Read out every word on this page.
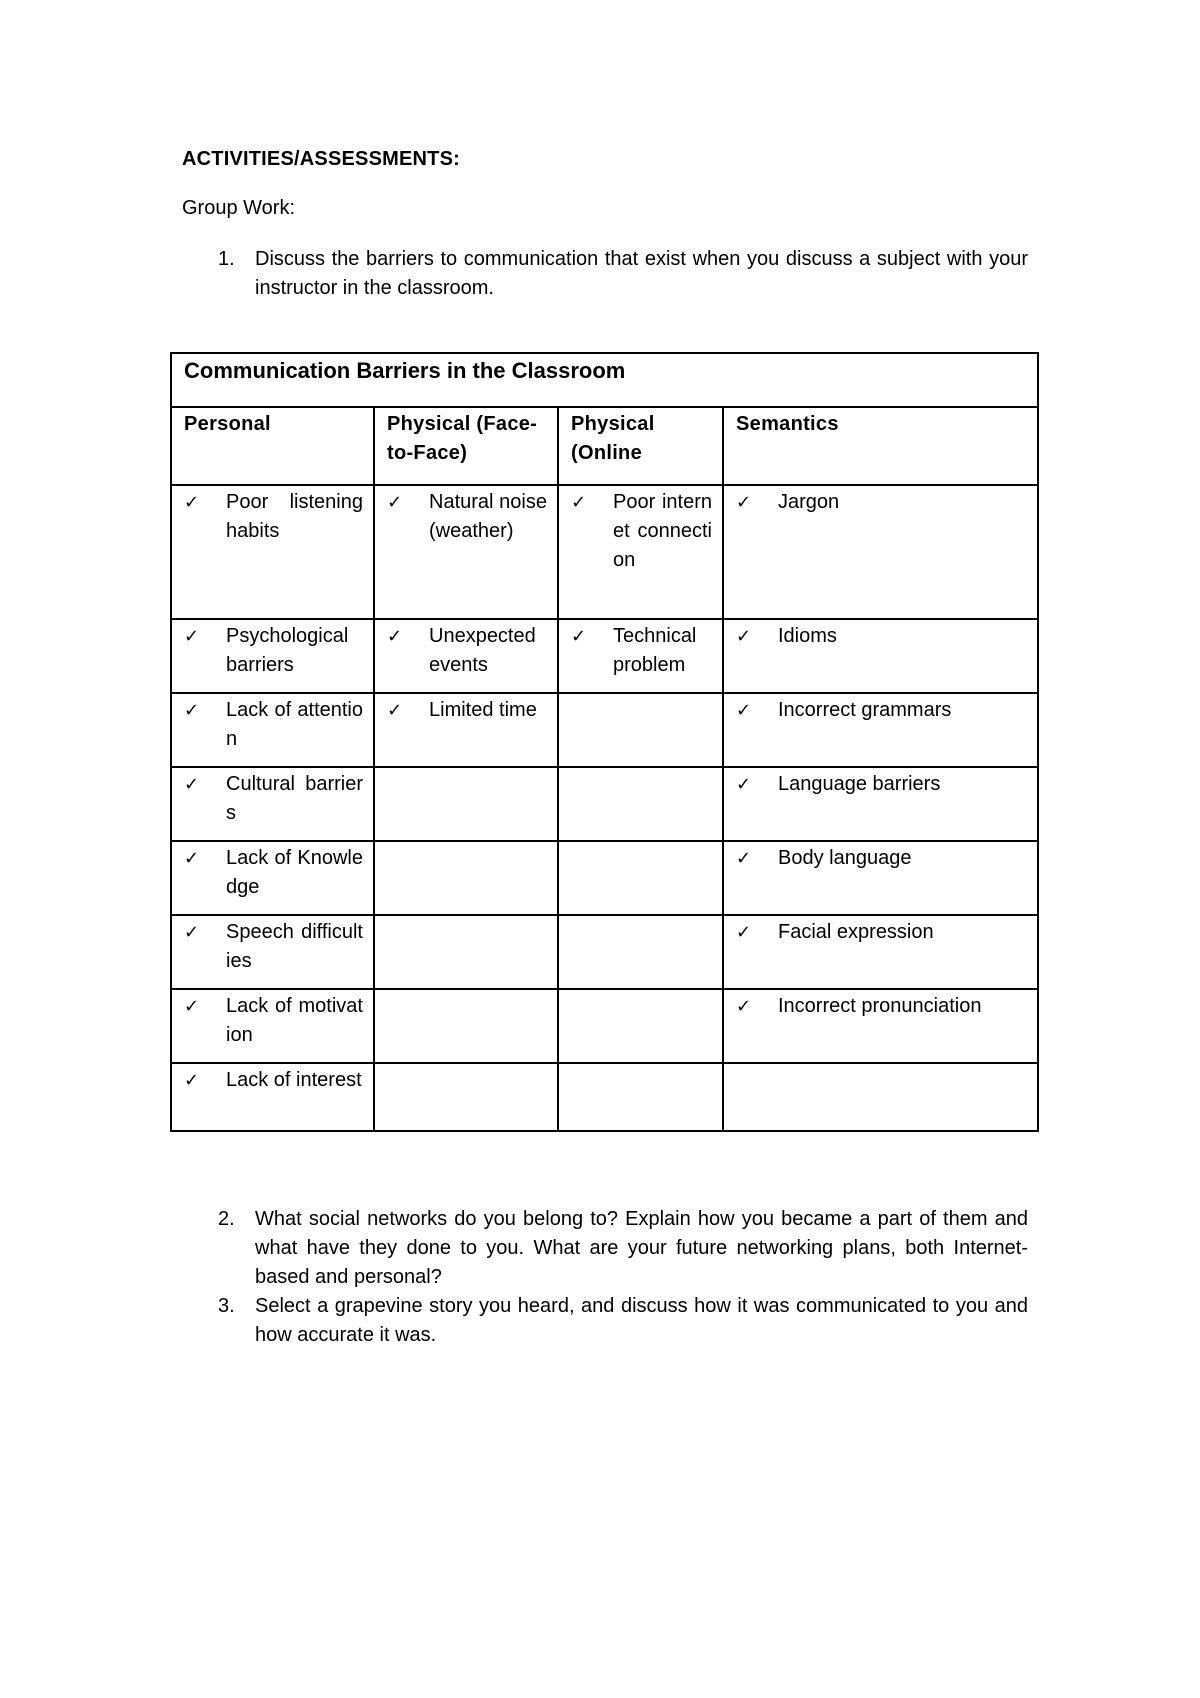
ACTIVITIES/ASSESSMENTS:
Group Work:
1.	Discuss the barriers to communication that exist when you discuss a subject with your instructor in the classroom.
Communication Barriers in the Classroom			
Personal	Physical (Face-to-Face)	Physical (Online	Semantics

✓ Poor listening habits	✓ Natural noise (weather)	✓ Poor internet connection	✓ Jargon

✓ Psychological barriers	✓ Unexpected events	✓ Technical problem	✓ Idioms

✓ Lack of attention	✓ Limited time		✓ Incorrect grammars

✓ Cultural barriers			✓ Language barriers

✓ Lack of Knowledge			✓ Body language

✓ Speech difficulties			✓ Facial expression

✓ Lack of motivation			✓ Incorrect pronunciation

✓ Lack of interest			

2.	What social networks do you belong to? Explain how you became a part of them and what have they done to you. What are your future networking plans, both Internet-based and personal?
3.	Select a grapevine story you heard, and discuss how it was communicated to you and how accurate it was.
